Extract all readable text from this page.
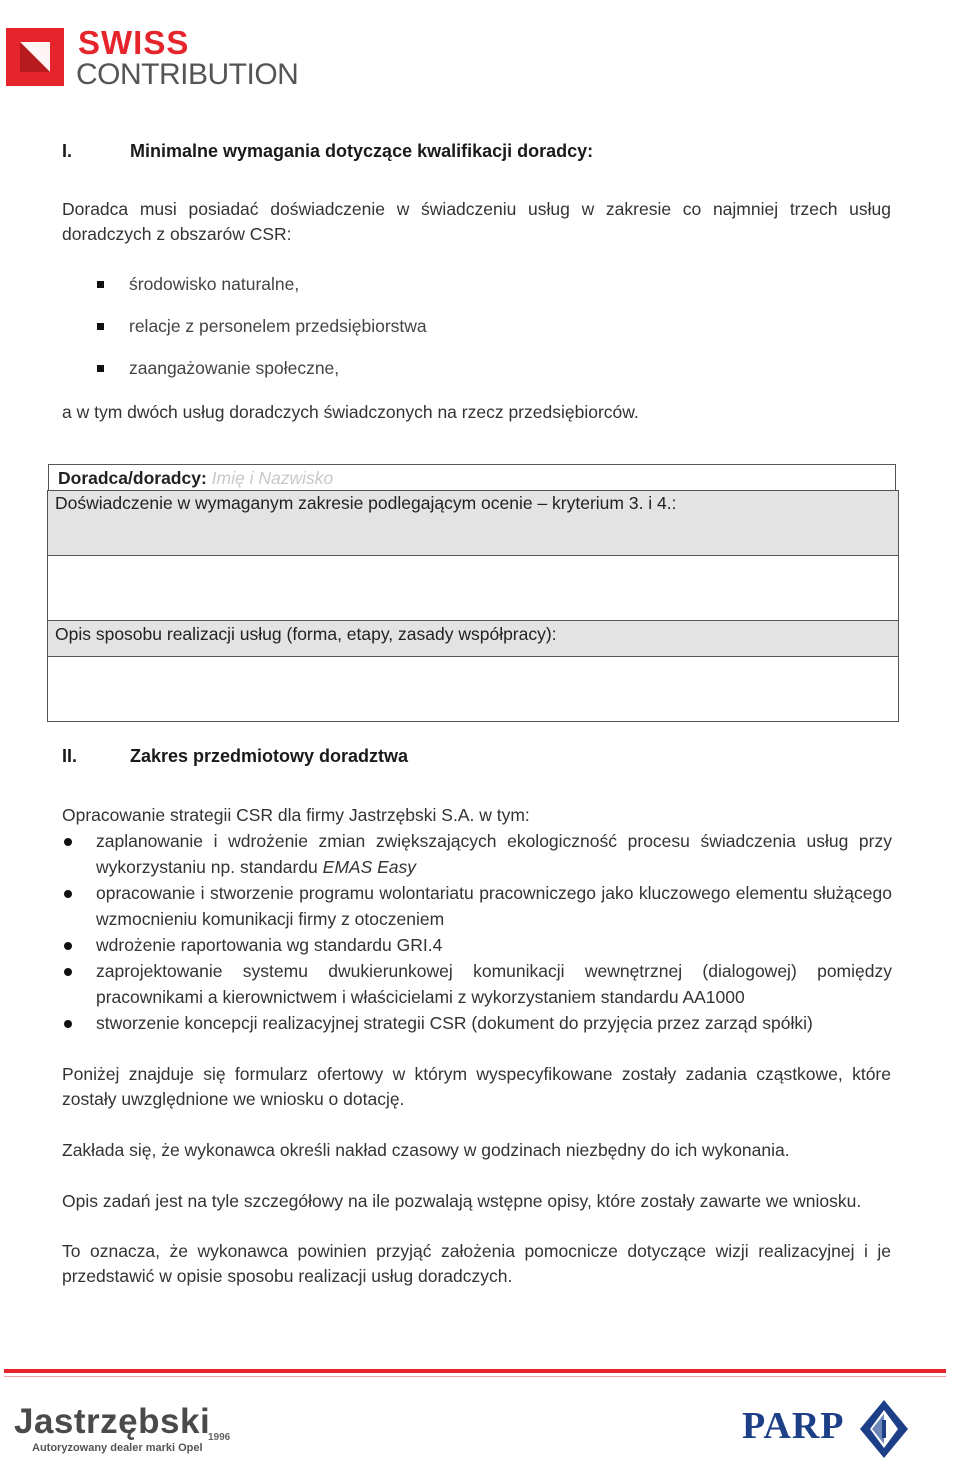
SWISS
CONTRIBUTION
I.	Minimalne wymagania dotyczące kwalifikacji doradcy:
Doradca musi posiadać doświadczenie w świadczeniu usług w zakresie co najmniej trzech usług doradczych z obszarów CSR:
środowisko naturalne,
relacje z personelem przedsiębiorstwa
zaangażowanie społeczne,
a w tym dwóch usług doradczych świadczonych na rzecz przedsiębiorców.
Doradca/doradcy: Imię i Nazwisko
Doświadczenie w wymaganym zakresie podlegającym ocenie – kryterium 3. i 4.:
Opis sposobu realizacji usług (forma, etapy, zasady współpracy):
II.	Zakres przedmiotowy doradztwa
Opracowanie strategii CSR dla firmy Jastrzębski S.A. w tym:
zaplanowanie i wdrożenie zmian zwiększających ekologiczność procesu świadczenia usług przy wykorzystaniu np. standardu EMAS Easy
opracowanie i stworzenie programu wolontariatu pracowniczego jako kluczowego elementu służącego wzmocnieniu komunikacji firmy z otoczeniem
wdrożenie raportowania wg standardu GRI.4
zaprojektowanie systemu dwukierunkowej komunikacji wewnętrznej (dialogowej) pomiędzy pracownikami a kierownictwem i właścicielami z wykorzystaniem standardu AA1000
stworzenie koncepcji realizacyjnej strategii CSR (dokument do przyjęcia przez zarząd spółki)
Poniżej znajduje się formularz ofertowy w którym wyspecyfikowane zostały zadania cząstkowe, które zostały uwzględnione we wniosku o dotację.
Zakłada się, że wykonawca określi nakład czasowy w godzinach niezbędny do ich wykonania.
Opis zadań jest na tyle szczegółowy na ile pozwalają wstępne opisy, które zostały zawarte we wniosku.
To oznacza, że wykonawca powinien przyjąć założenia pomocnicze dotyczące wizji realizacyjnej i je przedstawić w opisie sposobu realizacji usług doradczych.
Jastrzębski
1996
Autoryzowany dealer marki Opel
PARP
